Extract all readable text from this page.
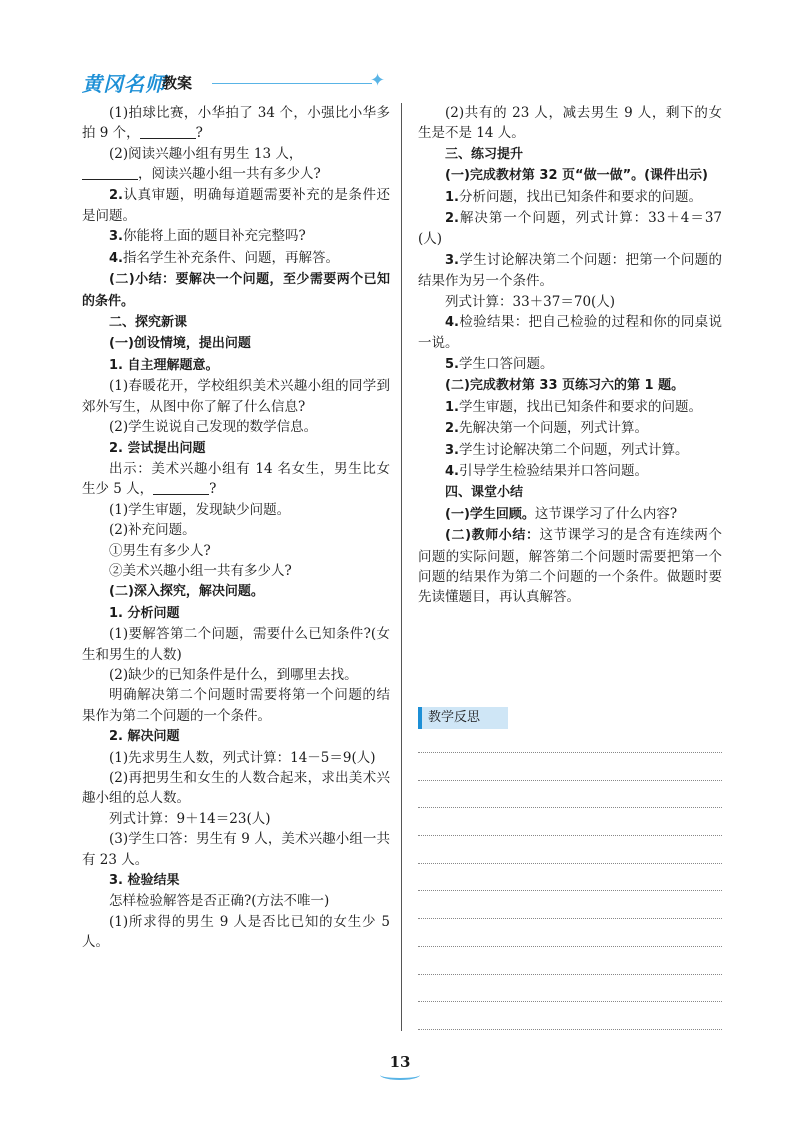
黄冈名师
教案	✦

(1)拍球比赛，小华拍了 34 个，小强比小华多拍 9 个，	?

(2)阅读兴趣小组有男生 13 人，

，阅读兴趣小组一共有多少人?

2.认真审题，明确每道题需要补充的是条件还是问题。

3.你能将上面的题目补充完整吗?

4.指名学生补充条件、问题，再解答。

(二)小结：要解决一个问题，至少需要两个已知的条件。

二、探究新课

(一)创设情境，提出问题

1. 自主理解题意。

(1)春暖花开，学校组织美术兴趣小组的同学到郊外写生，从图中你了解了什么信息?

(2)学生说说自己发现的数学信息。

2. 尝试提出问题

出示：美术兴趣小组有 14 名女生，男生比女生少 5 人，	?

(1)学生审题，发现缺少问题。

(2)补充问题。

①男生有多少人?

②美术兴趣小组一共有多少人?

(二)深入探究，解决问题。

1. 分析问题

(1)要解答第二个问题，需要什么已知条件?(女生和男生的人数)

(2)缺少的已知条件是什么，到哪里去找。

明确解决第二个问题时需要将第一个问题的结果作为第二个问题的一个条件。

2. 解决问题

(1)先求男生人数，列式计算：14－5＝9(人)

(2)再把男生和女生的人数合起来，求出美术兴趣小组的总人数。

列式计算：9＋14＝23(人)

(3)学生口答：男生有 9 人，美术兴趣小组一共有 23 人。

3. 检验结果

怎样检验解答是否正确?(方法不唯一)

(1)所求得的男生 9 人是否比已知的女生少 5 人。

(2)共有的 23 人，减去男生 9 人，剩下的女生是不是 14 人。

三、练习提升

(一)完成教材第 32 页“做一做”。(课件出示)

1.分析问题，找出已知条件和要求的问题。

2.解决第一个问题，列式计算：33＋4＝37(人)

3.学生讨论解决第二个问题：把第一个问题的结果作为另一个条件。

列式计算：33＋37＝70(人)

4.检验结果：把自己检验的过程和你的同桌说一说。

5.学生口答问题。

(二)完成教材第 33 页练习六的第 1 题。

1.学生审题，找出已知条件和要求的问题。

2.先解决第一个问题，列式计算。

3.学生讨论解决第二个问题，列式计算。

4.引导学生检验结果并口答问题。

四、课堂小结

(一)学生回顾。这节课学习了什么内容?

(二)教师小结：这节课学习的是含有连续两个问题的实际问题，解答第二个问题时需要把第一个问题的结果作为第二个问题的一个条件。做题时要先读懂题目，再认真解答。

教学反思
13
